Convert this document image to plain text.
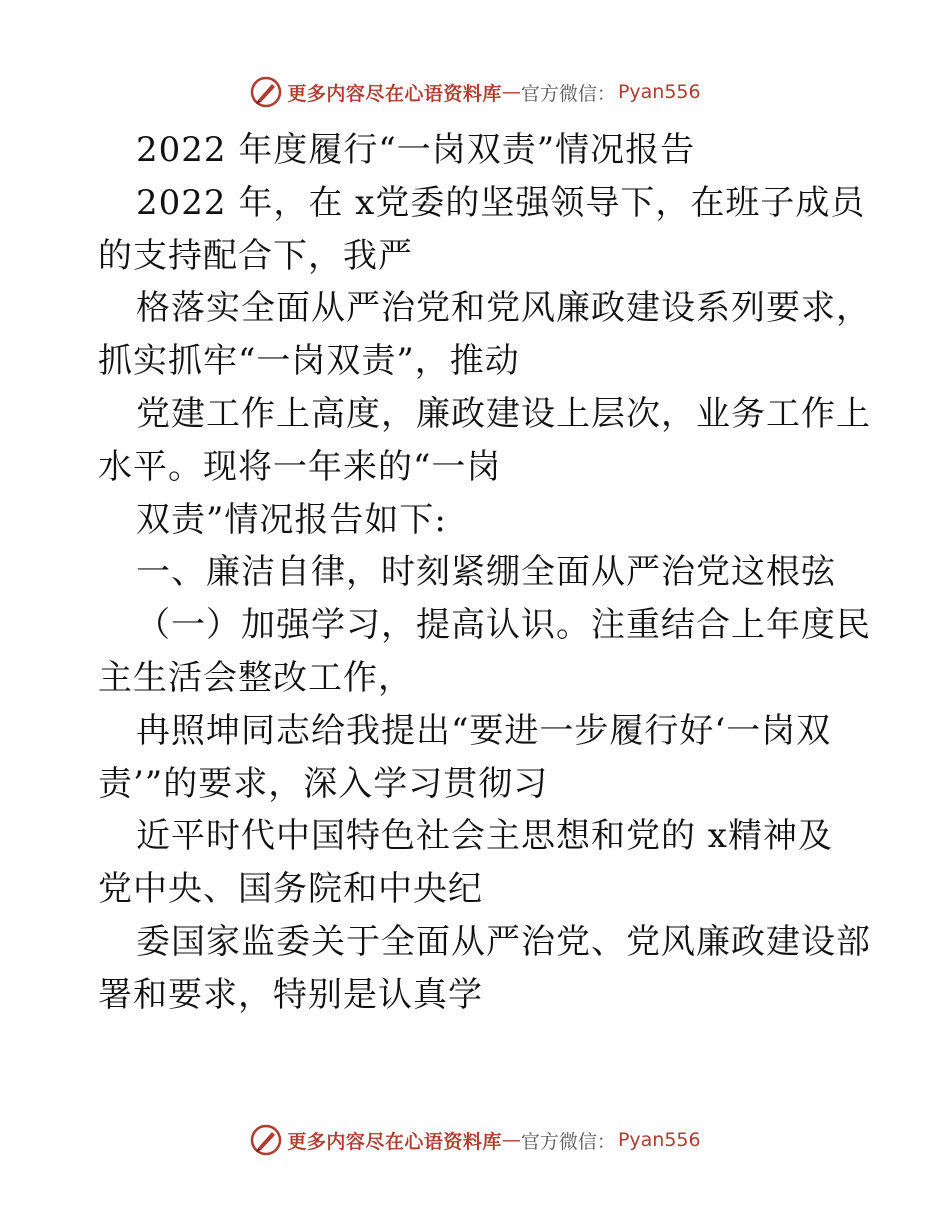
更多内容尽在心语资料库 — 官方微信： Pyan556
2022 年度履行“一岗双责”情况报告
2022 年，在 x党委的坚强领导下，在班子成员
的支持配合下，我严
格落实全面从严治党和党风廉政建设系列要求，
抓实抓牢“一岗双责”，推动
党建工作上高度，廉政建设上层次，业务工作上
水平。现将一年来的“一岗
双责”情况报告如下:
一、廉洁自律，时刻紧绷全面从严治党这根弦
（一）加强学习，提高认识。注重结合上年度民
主生活会整改工作，
冉照坤同志给我提出“要进一步履行好‘一岗双
责’”的要求，深入学习贯彻习
近平时代中国特色社会主思想和党的 x精神及
党中央、国务院和中央纪
委国家监委关于全面从严治党、党风廉政建设部
署和要求，特别是认真学
更多内容尽在心语资料库 — 官方微信： Pyan556
